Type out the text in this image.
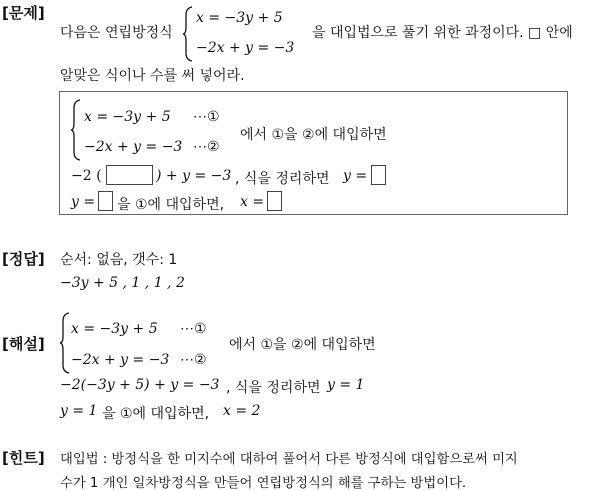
[문제]
다음은 연립방정식
x = −3y + 5
−2x + y = −3
을 대입법으로 풀기 위한 과정이다. □ 안에
알맞은 식이나 수를 써 넣어라.
x = −3y + 5 ⋯①
−2x + y = −3 ⋯②
에서 ①을 ②에 대입하면
−2 (	) + y = −3 , 식을 정리하면 y =
y = 을 ①에 대입하면, x =
[정답] 순서: 없음, 갯수: 1
−3y + 5 , 1 , 1 , 2
[해설]
x = −3y + 5 ⋯①
−2x + y = −3 ⋯②
에서 ①을 ②에 대입하면
−2(−3y + 5) + y = −3 , 식을 정리하면 y = 1
y = 1 을 ①에 대입하면, x = 2
[힌트] 대입법 : 방정식을 한 미지수에 대하여 풀어서 다른 방정식에 대입함으로써 미지
수가 1 개인 일차방정식을 만들어 연립방정식의 해를 구하는 방법이다.
